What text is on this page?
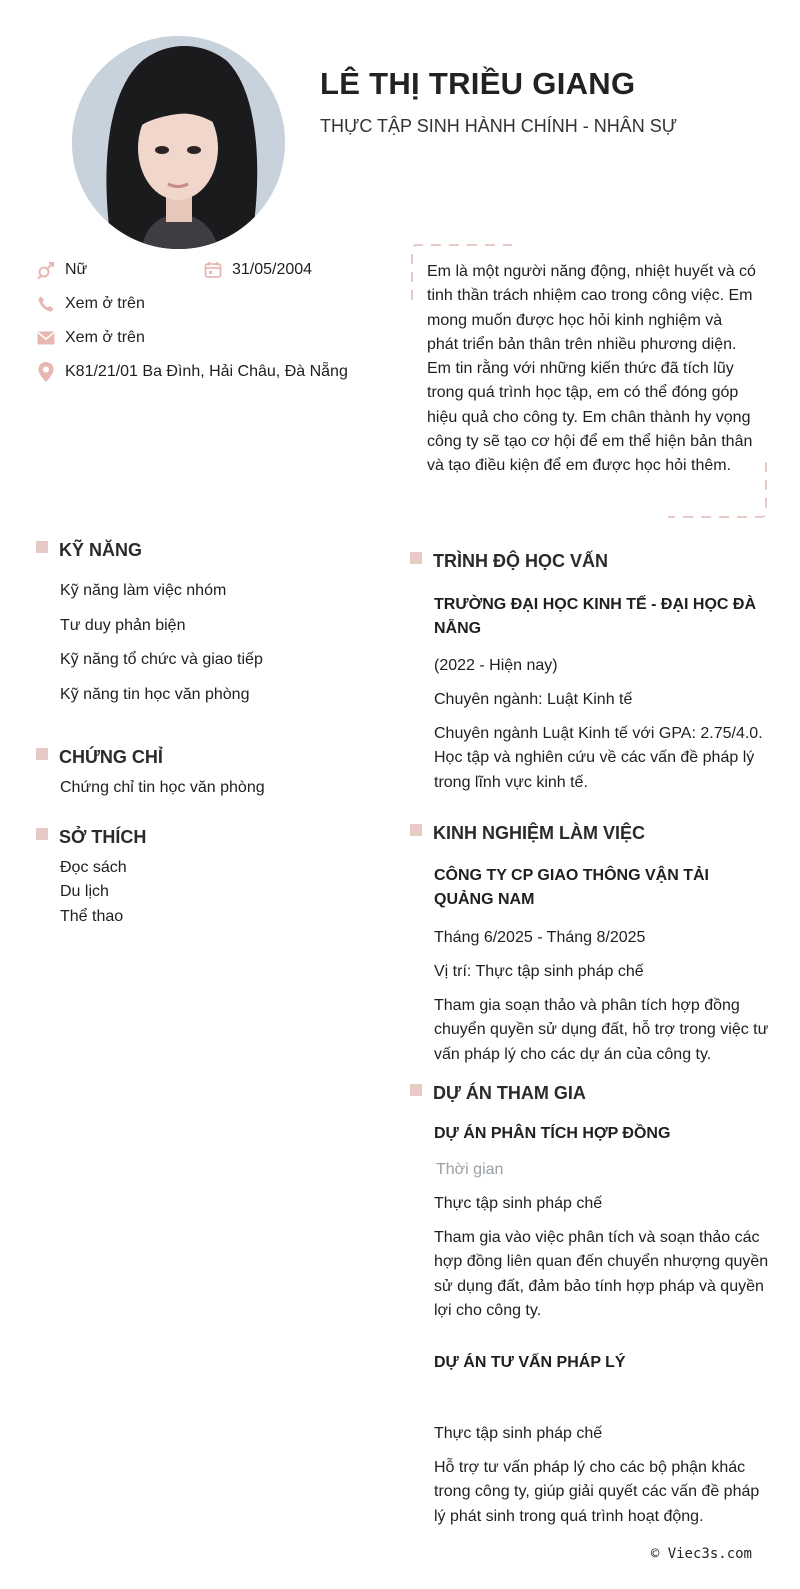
LÊ THỊ TRIỀU GIANG
THỰC TẬP SINH HÀNH CHÍNH - NHÂN SỰ
Nữ	31/05/2004
Xem ở trên
Xem ở trên
K81/21/01 Ba Đình, Hải Châu, Đà Nẵng
Em là một người năng động, nhiệt huyết và có tinh thần trách nhiệm cao trong công việc. Em mong muốn được học hỏi kinh nghiệm và phát triển bản thân trên nhiều phương diện. Em tin rằng với những kiến thức đã tích lũy trong quá trình học tập, em có thể đóng góp hiệu quả cho công ty. Em chân thành hy vọng công ty sẽ tạo cơ hội để em thể hiện bản thân và tạo điều kiện để em được học hỏi thêm.
KỸ NĂNG
Kỹ năng làm việc nhóm
Tư duy phản biện
Kỹ năng tổ chức và giao tiếp
Kỹ năng tin học văn phòng
CHỨNG CHỈ
Chứng chỉ tin học văn phòng
SỞ THÍCH
Đọc sách
Du lịch
Thể thao
TRÌNH ĐỘ HỌC VẤN
TRƯỜNG ĐẠI HỌC KINH TẾ - ĐẠI HỌC ĐÀ NẴNG
(2022 - Hiện nay)
Chuyên ngành: Luật Kinh tế
Chuyên ngành Luật Kinh tế với GPA: 2.75/4.0. Học tập và nghiên cứu về các vấn đề pháp lý trong lĩnh vực kinh tế.
KINH NGHIỆM LÀM VIỆC
CÔNG TY CP GIAO THÔNG VẬN TẢI QUẢNG NAM
Tháng 6/2025 - Tháng 8/2025
Vị trí: Thực tập sinh pháp chế
Tham gia soạn thảo và phân tích hợp đồng chuyển quyền sử dụng đất, hỗ trợ trong việc tư vấn pháp lý cho các dự án của công ty.
DỰ ÁN THAM GIA
DỰ ÁN PHÂN TÍCH HỢP ĐỒNG
Thời gian
Thực tập sinh pháp chế
Tham gia vào việc phân tích và soạn thảo các hợp đồng liên quan đến chuyển nhượng quyền sử dụng đất, đảm bảo tính hợp pháp và quyền lợi cho công ty.
DỰ ÁN TƯ VẤN PHÁP LÝ
Thực tập sinh pháp chế
Hỗ trợ tư vấn pháp lý cho các bộ phận khác trong công ty, giúp giải quyết các vấn đề pháp lý phát sinh trong quá trình hoạt động.
© Viec3s.com
